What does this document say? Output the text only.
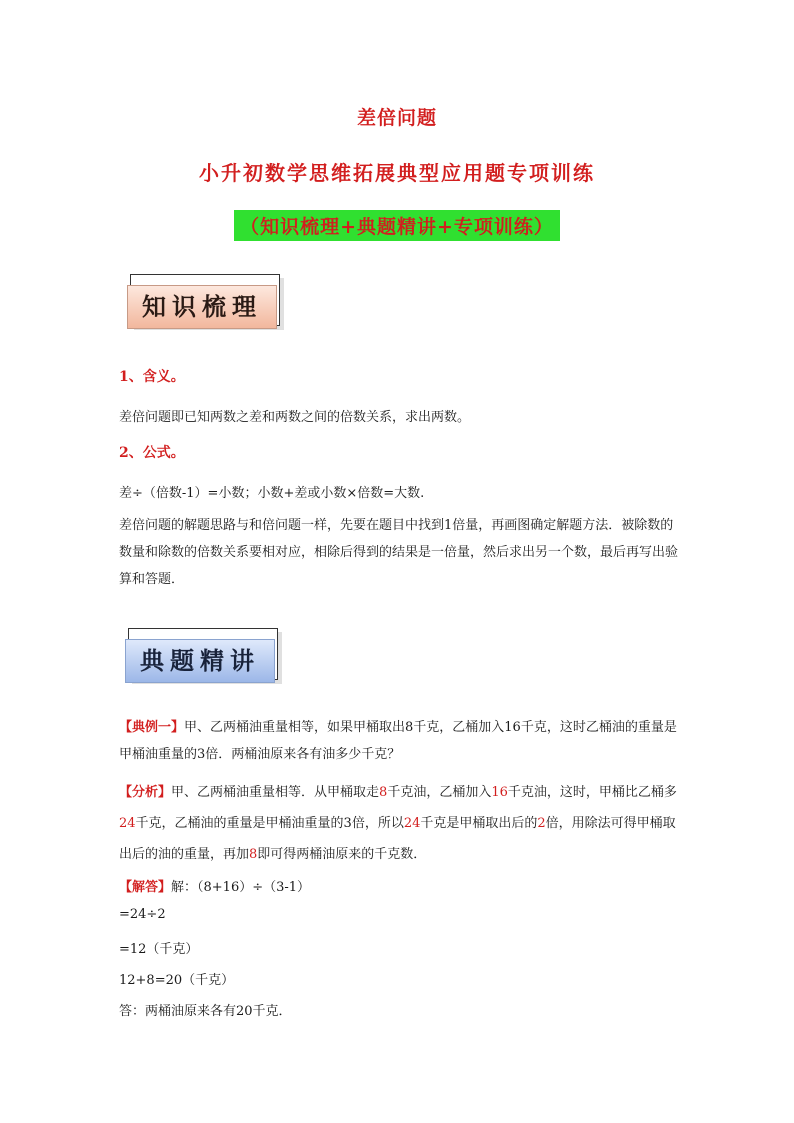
差倍问题
小升初数学思维拓展典型应用题专项训练
（知识梳理+典题精讲+专项训练）
知识梳理
1、含义。
差倍问题即已知两数之差和两数之间的倍数关系，求出两数。
2、公式。
差÷（倍数-1）=小数；小数+差或小数×倍数=大数.
差倍问题的解题思路与和倍问题一样，先要在题目中找到1倍量，再画图确定解题方法．被除数的数量和除数的倍数关系要相对应，相除后得到的结果是一倍量，然后求出另一个数，最后再写出验算和答题．
典题精讲
【典例一】甲、乙两桶油重量相等，如果甲桶取出8千克，乙桶加入16千克，这时乙桶油的重量是甲桶油重量的3倍．两桶油原来各有油多少千克？
【分析】甲、乙两桶油重量相等．从甲桶取走8千克油，乙桶加入16千克油，这时，甲桶比乙桶多24千克，乙桶油的重量是甲桶油重量的3倍，所以24千克是甲桶取出后的2倍，用除法可得甲桶取出后的油的重量，再加8即可得两桶油原来的千克数．
【解答】解：（8+16）÷（3-1）
=24÷2
=12（千克）
12+8=20（千克）
答：两桶油原来各有20千克．
